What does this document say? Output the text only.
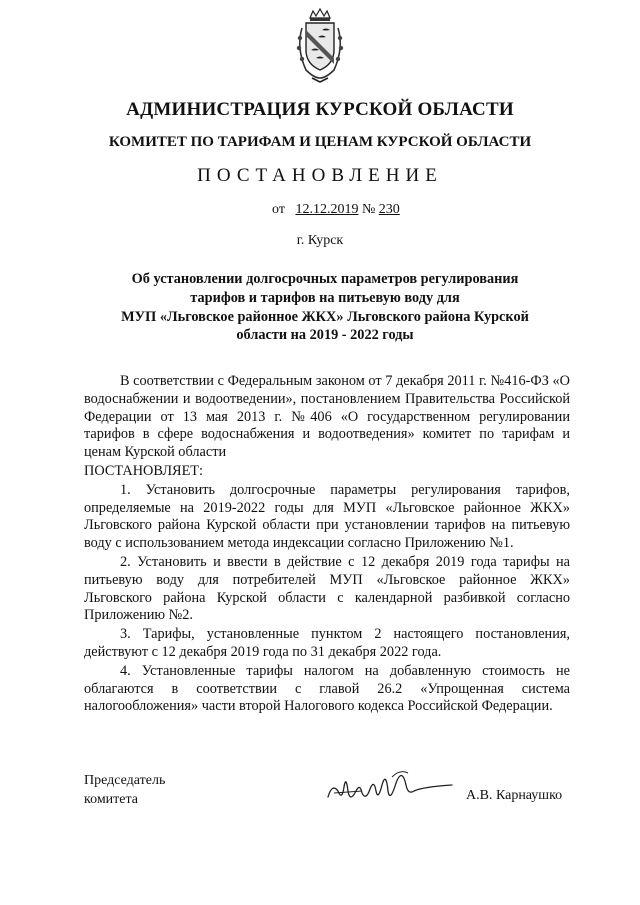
АДМИНИСТРАЦИЯ КУРСКОЙ ОБЛАСТИ
КОМИТЕТ ПО ТАРИФАМ И ЦЕНАМ КУРСКОЙ ОБЛАСТИ
ПОСТАНОВЛЕНИЕ
от 12.12.2019 № 230
г. Курск
Об установлении долгосрочных параметров регулирования
тарифов и тарифов на питьевую воду для
МУП «Льговское районное ЖКХ» Льговского района Курской
области на 2019 - 2022 годы

В соответствии с Федеральным законом от 7 декабря 2011 г. №416-ФЗ «О водоснабжении и водоотведении», постановлением Правительства Российской Федерации от 13 мая 2013 г. №406 «О государственном регулировании тарифов в сфере водоснабжения и водоотведения» комитет по тарифам и ценам Курской области

ПОСТАНОВЛЯЕТ:

1. Установить долгосрочные параметры регулирования тарифов, определяемые на 2019-2022 годы для МУП «Льговское районное ЖКХ» Льговского района Курской области при установлении тарифов на питьевую воду с использованием метода индексации согласно Приложению №1.

2. Установить и ввести в действие с 12 декабря 2019 года тарифы на питьевую воду для потребителей МУП «Льговское районное ЖКХ» Льговского района Курской области с календарной разбивкой согласно Приложению №2.

3. Тарифы, установленные пунктом 2 настоящего постановления, действуют с 12 декабря 2019 года по 31 декабря 2022 года.

4. Установленные тарифы налогом на добавленную стоимость не облагаются в соответствии с главой 26.2 «Упрощенная система налогообложения» части второй Налогового кодекса Российской Федерации.

Председатель
комитета	А.В. Карнаушко
